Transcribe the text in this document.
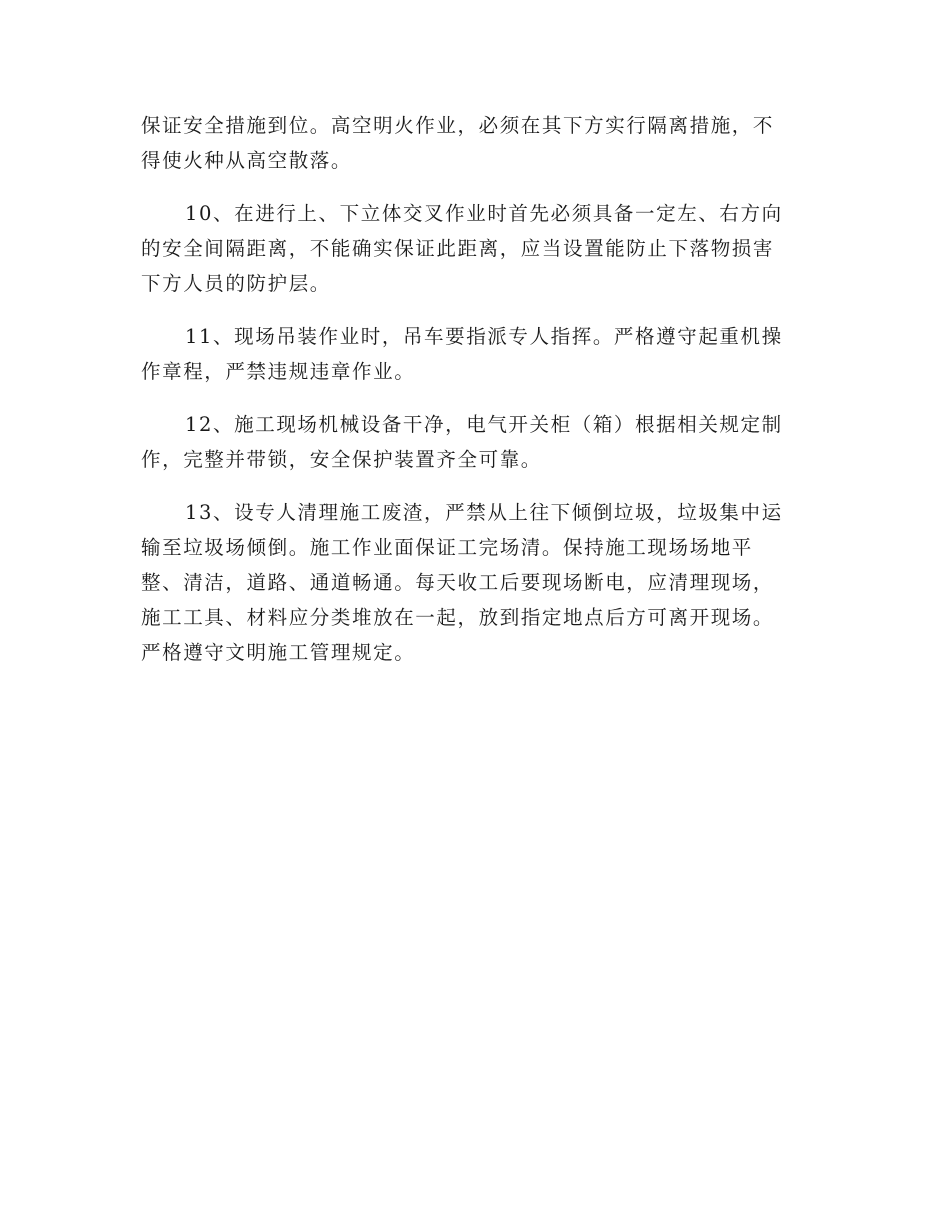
保证安全措施到位。高空明火作业，必须在其下方实行隔离措施，不
得使火种从高空散落。

10、在进行上、下立体交叉作业时首先必须具备一定左、右方向
的安全间隔距离，不能确实保证此距离，应当设置能防止下落物损害
下方人员的防护层。

11、现场吊装作业时，吊车要指派专人指挥。严格遵守起重机操
作章程，严禁违规违章作业。

12、施工现场机械设备干净，电气开关柜（箱）根据相关规定制
作，完整并带锁，安全保护装置齐全可靠。

13、设专人清理施工废渣，严禁从上往下倾倒垃圾，垃圾集中运
输至垃圾场倾倒。施工作业面保证工完场清。保持施工现场场地平
整、清洁，道路、通道畅通。每天收工后要现场断电，应清理现场，
施工工具、材料应分类堆放在一起，放到指定地点后方可离开现场。
严格遵守文明施工管理规定。
